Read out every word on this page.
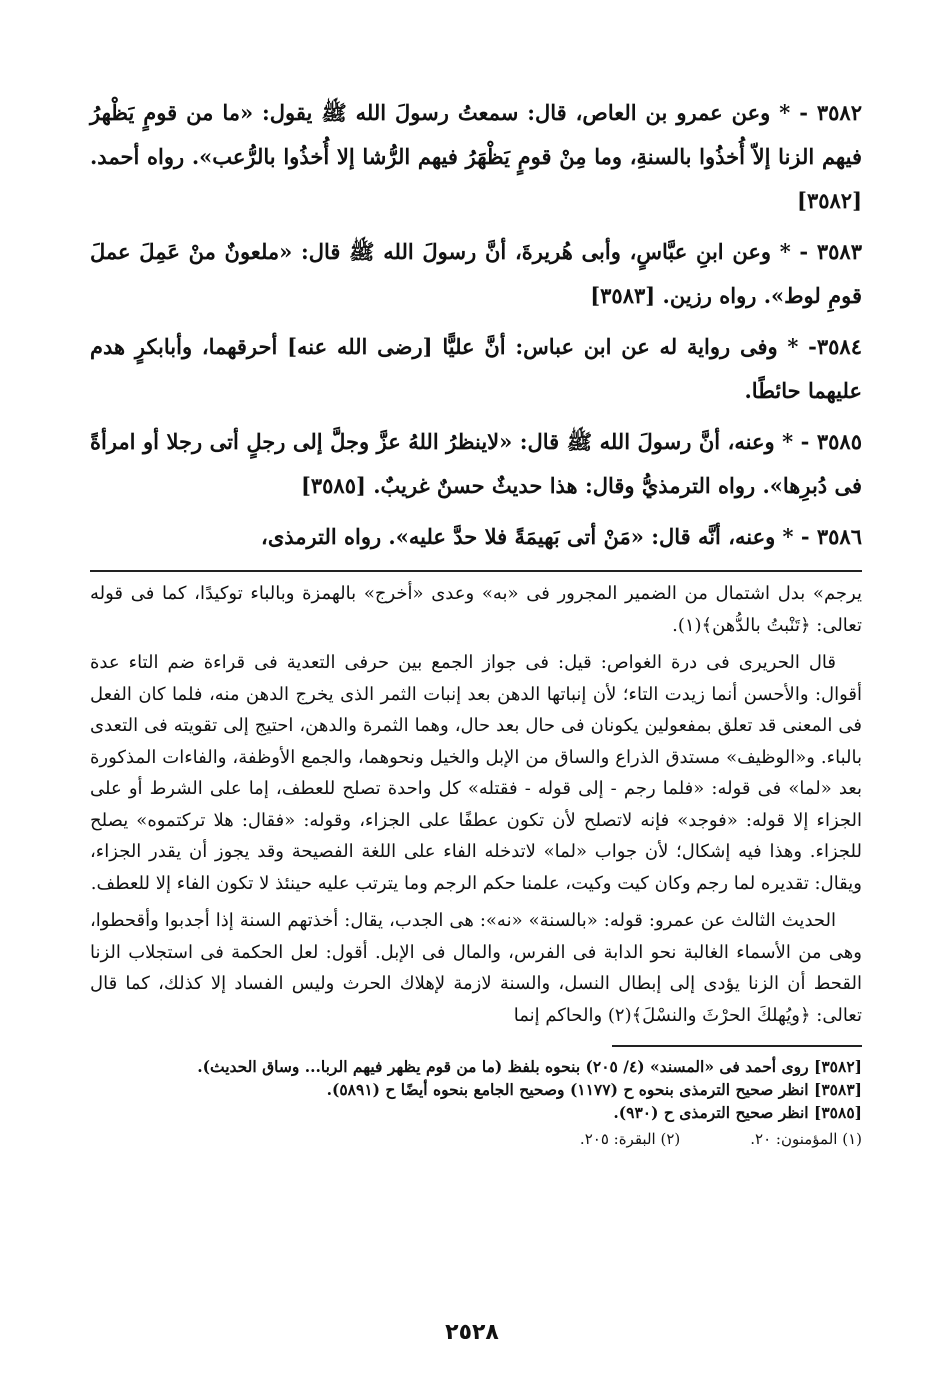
٣٥٨٢ - * وعن عمرو بن العاص، قال: سمعتُ رسولَ الله ﷺ يقول: «ما من قومٍ يَظْهرُ فيهم الزنا إلاّ أُخذُوا بالسنةِ، وما مِنْ قومٍ يَظْهَرُ فيهم الرُّشا إلا أُخذُوا بالرُّعب». رواه أحمد. [٣٥٨٢]

٣٥٨٣ - * وعن ابنِ عبَّاسٍ، وأبى هُريرةَ، أنَّ رسولَ الله ﷺ قال: «ملعونٌ منْ عَمِلَ عملَ قومِ لوط». رواه رزين. [٣٥٨٣]

٣٥٨٤- * وفى رواية له عن ابن عباس: أنَّ عليًّا [رضى الله عنه] أحرقهما، وأبابكرٍ هدم عليهما حائطًا.

٣٥٨٥ - * وعنه، أنَّ رسولَ الله ﷺ قال: «لاينظرُ اللهُ عزَّ وجلَّ إلى رجلٍ أتى رجلا أو امرأةً فى دُبرِها». رواه الترمذيُّ وقال: هذا حديثٌ حسنٌ غريبٌ. [٣٥٨٥]

٣٥٨٦ - * وعنه، أنَّه قال: «مَنْ أتى بَهيمَةً فلا حدَّ عليه». رواه الترمذى،

يرجم» بدل اشتمال من الضمير المجرور فى «به» وعدى «أخرج» بالهمزة وبالباء توكيدًا، كما فى قوله تعالى: ﴿تَنْبتُ بالدُّهن﴾(١).

قال الحريرى فى درة الغواص: قيل: فى جواز الجمع بين حرفى التعدية فى قراءة ضم التاء عدة أقوال: والأحسن أنما زيدت التاء؛ لأن إنباتها الدهن بعد إنبات الثمر الذى يخرج الدهن منه، فلما كان الفعل فى المعنى قد تعلق بمفعولين يكونان فى حال بعد حال، وهما الثمرة والدهن، احتيج إلى تقويته فى التعدى بالباء. و«الوظيف» مستدق الذراع والساق من الإبل والخيل ونحوهما، والجمع الأوظفة، والفاءات المذكورة بعد «لما» فى قوله: «فلما رجم - إلى قوله - فقتله» كل واحدة تصلح للعطف، إما على الشرط أو على الجزاء إلا قوله: «فوجد» فإنه لاتصلح لأن تكون عطفًا على الجزاء، وقوله: «فقال: هلا تركتموه» يصلح للجزاء. وهذا فيه إشكال؛ لأن جواب «لما» لاتدخله الفاء على اللغة الفصيحة وقد يجوز أن يقدر الجزاء، ويقال: تقديره لما رجم وكان كيت وكيت، علمنا حكم الرجم وما يترتب عليه حينئذ لا تكون الفاء إلا للعطف.

الحديث الثالث عن عمرو: قوله: «بالسنة» «نه»: هى الجدب، يقال: أخذتهم السنة إذا أجدبوا وأقحطوا، وهى من الأسماء الغالبة نحو الدابة فى الفرس، والمال فى الإبل. أقول: لعل الحكمة فى استجلاب الزنا القحط أن الزنا يؤدى إلى إبطال النسل، والسنة لازمة لإهلاك الحرث وليس الفساد إلا كذلك، كما قال تعالى: ﴿ويُهلكَ الحرْثَ والنسْلَ﴾(٢) والحاكم إنما

[٣٥٨٢] روى أحمد فى «المسند» (٤/ ٢٠٥) بنحوه بلفظ (ما من قوم يظهر فيهم الربا... وساق الحديث).

[٣٥٨٣] انظر صحيح الترمذى بنحوه ح (١١٧٧) وصحيح الجامع بنحوه أيضًا ح (٥٨٩١).

[٣٥٨٥] انظر صحيح الترمذى ح (٩٣٠).

(١) المؤمنون: ٢٠.
(٢) البقرة: ٢٠٥.
٢٥٢٨
